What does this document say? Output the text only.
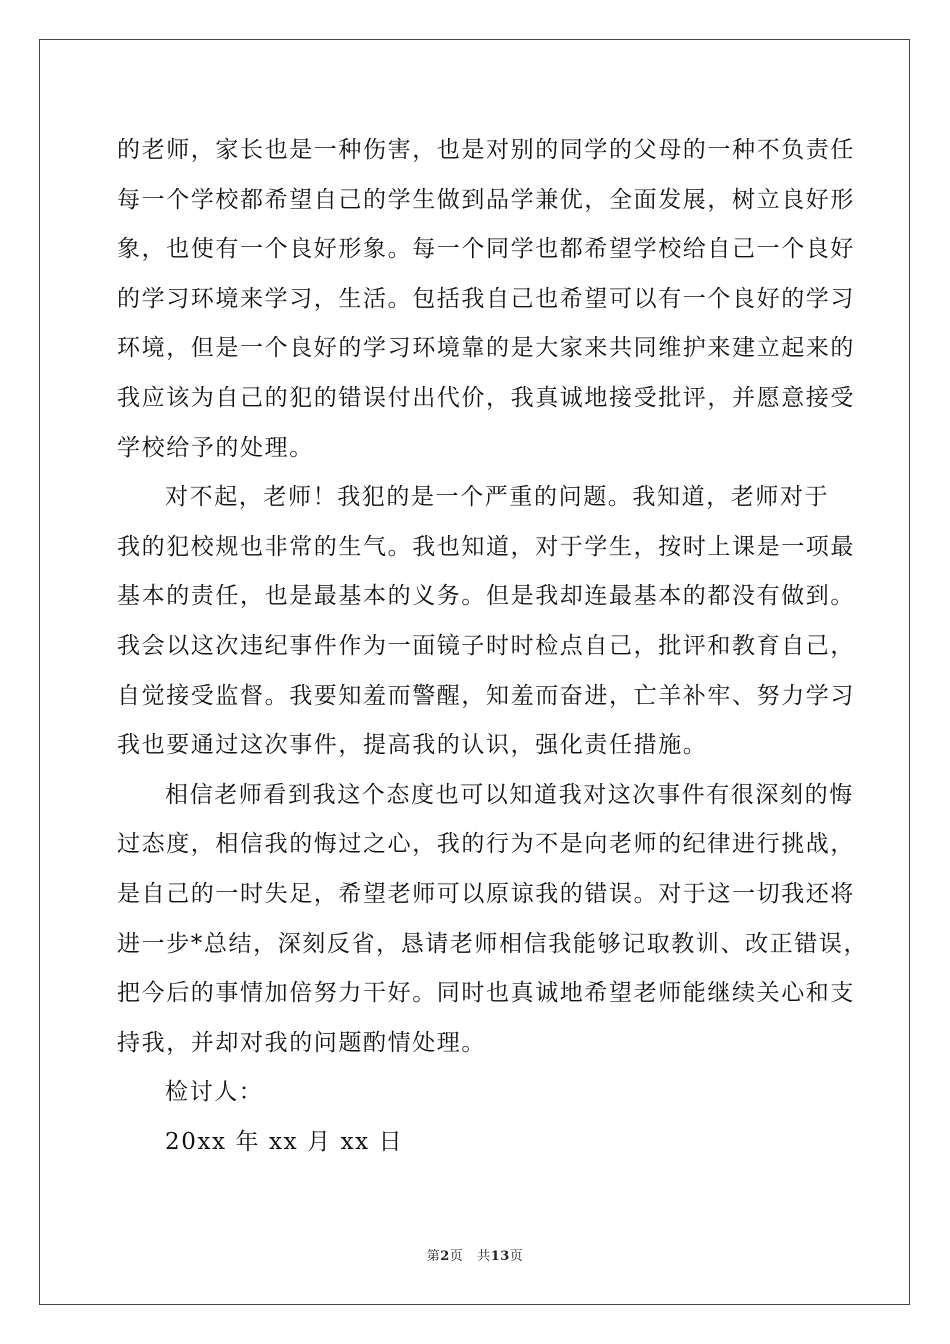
的老师，家长也是一种伤害，也是对别的同学的父母的一种不负责任
每一个学校都希望自己的学生做到品学兼优，全面发展，树立良好形
象，也使有一个良好形象。每一个同学也都希望学校给自己一个良好
的学习环境来学习，生活。包括我自己也希望可以有一个良好的学习
环境，但是一个良好的学习环境靠的是大家来共同维护来建立起来的
我应该为自己的犯的错误付出代价，我真诚地接受批评，并愿意接受
学校给予的处理。
对不起，老师！我犯的是一个严重的问题。我知道，老师对于
我的犯校规也非常的生气。我也知道，对于学生，按时上课是一项最
基本的责任，也是最基本的义务。但是我却连最基本的都没有做到。
我会以这次违纪事件作为一面镜子时时检点自己，批评和教育自己，
自觉接受监督。我要知羞而警醒，知羞而奋进，亡羊补牢、努力学习
我也要通过这次事件，提高我的认识，强化责任措施。
相信老师看到我这个态度也可以知道我对这次事件有很深刻的悔
过态度，相信我的悔过之心，我的行为不是向老师的纪律进行挑战，
是自己的一时失足，希望老师可以原谅我的错误。对于这一切我还将
进一步*总结，深刻反省，恳请老师相信我能够记取教训、改正错误，
把今后的事情加倍努力干好。同时也真诚地希望老师能继续关心和支
持我，并却对我的问题酌情处理。
检讨人：
20xx 年 xx 月 xx 日
第2页 共13页
